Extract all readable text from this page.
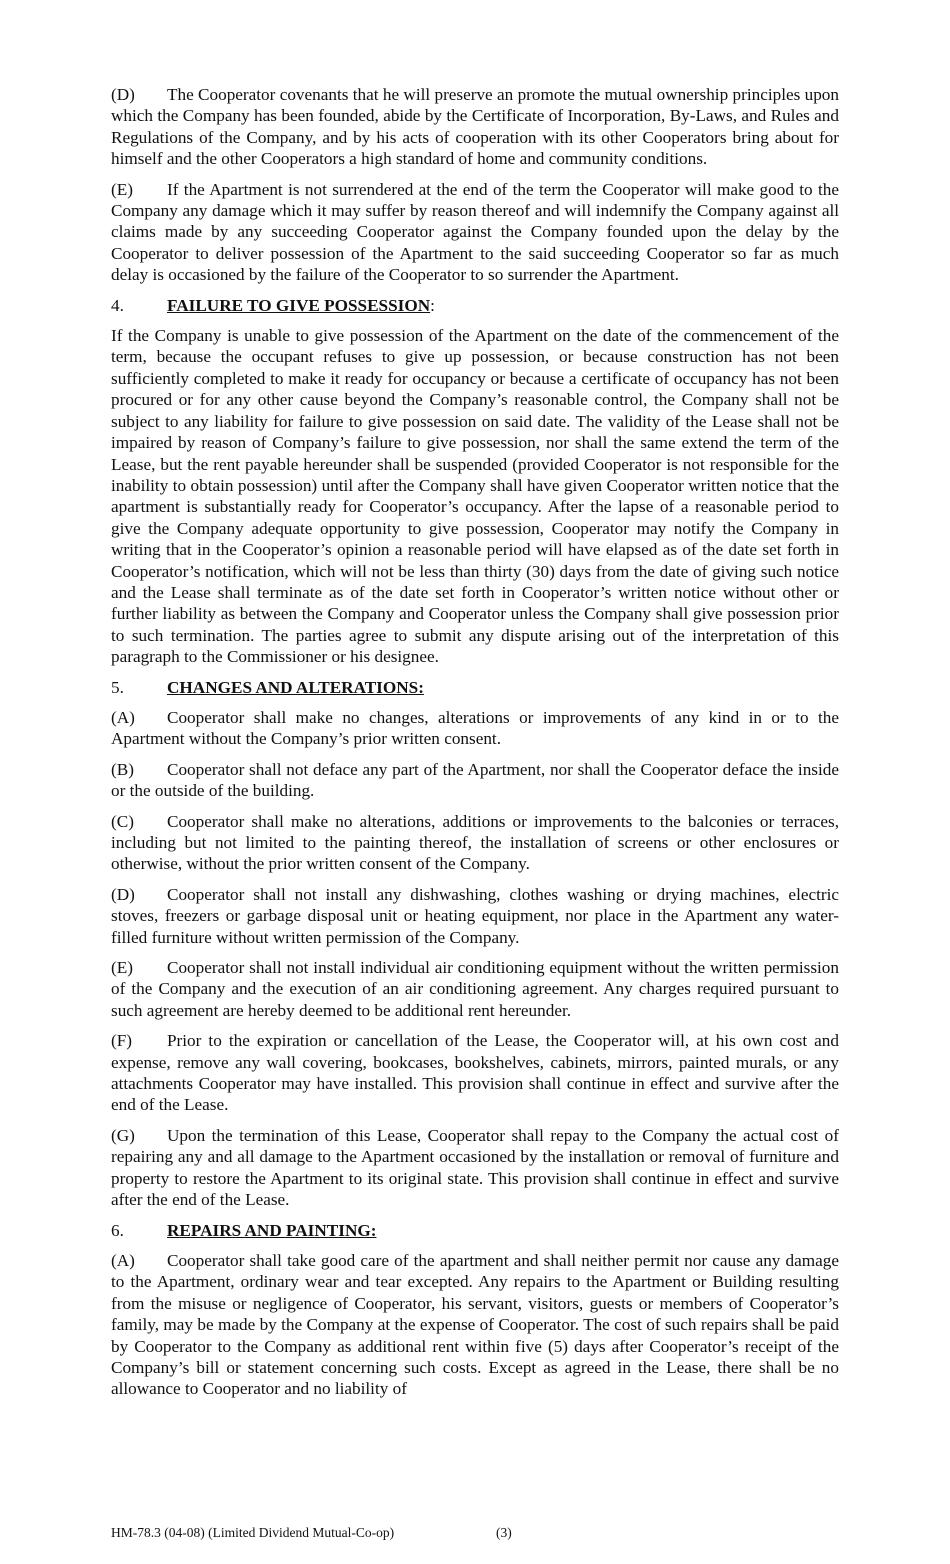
(D) The Cooperator covenants that he will preserve an promote the mutual ownership principles upon which the Company has been founded, abide by the Certificate of Incorporation, By-Laws, and Rules and Regulations of the Company, and by his acts of cooperation with its other Cooperators bring about for himself and the other Cooperators a high standard of home and community conditions.

(E) If the Apartment is not surrendered at the end of the term the Cooperator will make good to the Company any damage which it may suffer by reason thereof and will indemnify the Company against all claims made by any succeeding Cooperator against the Company founded upon the delay by the Cooperator to deliver possession of the Apartment to the said succeeding Cooperator so far as much delay is occasioned by the failure of the Cooperator to so surrender the Apartment.

4.	FAILURE TO GIVE POSSESSION:

If the Company is unable to give possession of the Apartment on the date of the commencement of the term, because the occupant refuses to give up possession, or because construction has not been sufficiently completed to make it ready for occupancy or because a certificate of occupancy has not been procured or for any other cause beyond the Company’s reasonable control, the Company shall not be subject to any liability for failure to give possession on said date. The validity of the Lease shall not be impaired by reason of Company’s failure to give possession, nor shall the same extend the term of the Lease, but the rent payable hereunder shall be suspended (provided Cooperator is not responsible for the inability to obtain possession) until after the Company shall have given Cooperator written notice that the apartment is substantially ready for Cooperator’s occupancy. After the lapse of a reasonable period to give the Company adequate opportunity to give possession, Cooperator may notify the Company in writing that in the Cooperator’s opinion a reasonable period will have elapsed as of the date set forth in Cooperator’s notification, which will not be less than thirty (30) days from the date of giving such notice and the Lease shall terminate as of the date set forth in Cooperator’s written notice without other or further liability as between the Company and Cooperator unless the Company shall give possession prior to such termination. The parties agree to submit any dispute arising out of the interpretation of this paragraph to the Commissioner or his designee.

5.	CHANGES AND ALTERATIONS:

(A) Cooperator shall make no changes, alterations or improvements of any kind in or to the Apartment without the Company’s prior written consent.

(B) Cooperator shall not deface any part of the Apartment, nor shall the Cooperator deface the inside or the outside of the building.

(C) Cooperator shall make no alterations, additions or improvements to the balconies or terraces, including but not limited to the painting thereof, the installation of screens or other enclosures or otherwise, without the prior written consent of the Company.

(D) Cooperator shall not install any dishwashing, clothes washing or drying machines, electric stoves, freezers or garbage disposal unit or heating equipment, nor place in the Apartment any water-filled furniture without written permission of the Company.

(E) Cooperator shall not install individual air conditioning equipment without the written permission of the Company and the execution of an air conditioning agreement. Any charges required pursuant to such agreement are hereby deemed to be additional rent hereunder.

(F) Prior to the expiration or cancellation of the Lease, the Cooperator will, at his own cost and expense, remove any wall covering, bookcases, bookshelves, cabinets, mirrors, painted murals, or any attachments Cooperator may have installed. This provision shall continue in effect and survive after the end of the Lease.

(G) Upon the termination of this Lease, Cooperator shall repay to the Company the actual cost of repairing any and all damage to the Apartment occasioned by the installation or removal of furniture and property to restore the Apartment to its original state. This provision shall continue in effect and survive after the end of the Lease.

6.	REPAIRS AND PAINTING:

(A) Cooperator shall take good care of the apartment and shall neither permit nor cause any damage to the Apartment, ordinary wear and tear excepted. Any repairs to the Apartment or Building resulting from the misuse or negligence of Cooperator, his servant, visitors, guests or members of Cooperator’s family, may be made by the Company at the expense of Cooperator. The cost of such repairs shall be paid by Cooperator to the Company as additional rent within five (5) days after Cooperator’s receipt of the Company’s bill or statement concerning such costs. Except as agreed in the Lease, there shall be no allowance to Cooperator and no liability of

HM-78.3 (04-08) (Limited Dividend Mutual-Co-op)	(3)
